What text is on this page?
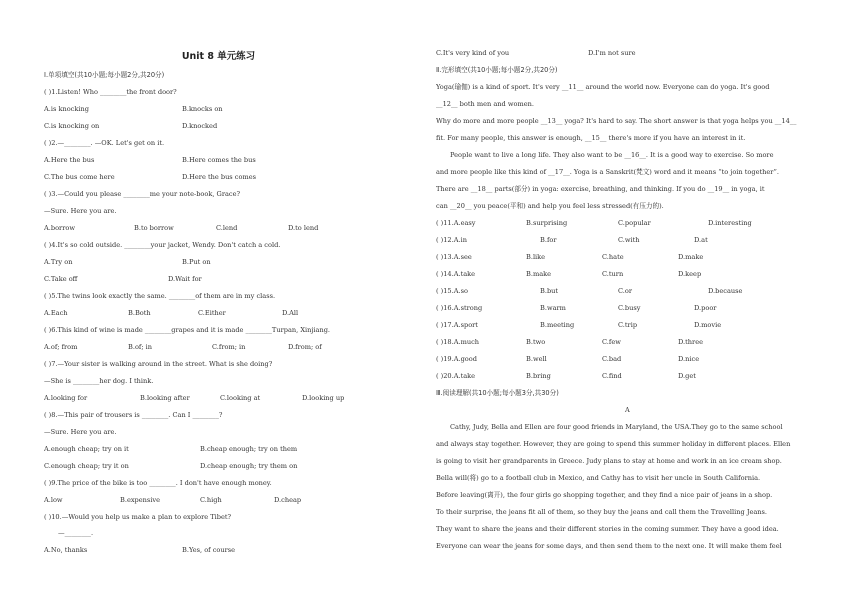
Unit 8 单元练习
Ⅰ.单项填空(共10小题;每小题2分,共20分)
( )1.Listen! Who ________the front door?
A.is knocking	B.knocks on
C.is knocking on	D.knocked
( )2.—________. —OK. Let's get on it.
A.Here the bus	B.Here comes the bus
C.The bus come here	D.Here the bus comes
( )3.—Could you please ________me your note-book, Grace?
—Sure. Here you are.
A.borrow	B.to borrow	C.lend	D.to lend
( )4.It's so cold outside. ________your jacket, Wendy. Don't catch a cold.
A.Try on	B.Put on
C.Take off	D.Wait for
( )5.The twins look exactly the same. ________of them are in my class.
A.Each	B.Both	C.Either	D.All
( )6.This kind of wine is made ________grapes and it is made ________Turpan, Xinjiang.
A.of; from	B.of; in	C.from; in	D.from; of
( )7.—Your sister is walking around in the street. What is she doing?
—She is ________her dog. I think.
A.looking for	B.looking after	C.looking at	D.looking up
( )8.—This pair of trousers is ________. Can I ________?
—Sure. Here you are.
A.enough cheap; try on it	B.cheap enough; try on them
C.enough cheap; try it on	D.cheap enough; try them on
( )9.The price of the bike is too ________. I don't have enough money.
A.low	B.expensive	C.high	D.cheap
( )10.—Would you help us make a plan to explore Tibet?
—________.
A.No, thanks	B.Yes, of course
C.It's very kind of you	D.I'm not sure
Ⅱ.完形填空(共10小题;每小题2分,共20分)
Yoga(瑜伽) is a kind of sport. It's very __11__ around the world now. Everyone can do yoga. It's good
__12__ both men and women.
Why do more and more people __13__ yoga? It's hard to say. The short answer is that yoga helps you __14__
fit. For many people, this answer is enough, __15__ there's more if you have an interest in it.
People want to live a long life. They also want to be __16__. It is a good way to exercise. So more
and more people like this kind of __17__. Yoga is a Sanskrit(梵文) word and it means “to join together”.
There are __18__ parts(部分) in yoga: exercise, breathing, and thinking. If you do __19__ in yoga, it
can __20__ you peace(平和) and help you feel less stressed(有压力的).
( )11.A.easy	B.surprising	C.popular	D.interesting
( )12.A.in	B.for	C.with	D.at
( )13.A.see	B.like	C.hate	D.make
( )14.A.take	B.make	C.turn	D.keep
( )15.A.so	B.but	C.or	D.because
( )16.A.strong	B.warm	C.busy	D.poor
( )17.A.sport	B.meeting	C.trip	D.movie
( )18.A.much	B.two	C.few	D.three
( )19.A.good	B.well	C.bad	D.nice
( )20.A.take	B.bring	C.find	D.get
Ⅲ.阅读理解(共10小题;每小题3分,共30分)
A
Cathy, Judy, Bella and Ellen are four good friends in Maryland, the USA.They go to the same school
and always stay together. However, they are going to spend this summer holiday in different places. Ellen
is going to visit her grandparents in Greece. Judy plans to stay at home and work in an ice cream shop.
Bella will(将) go to a football club in Mexico, and Cathy has to visit her uncle in South California.
Before leaving(离开), the four girls go shopping together, and they find a nice pair of jeans in a shop.
To their surprise, the jeans fit all of them, so they buy the jeans and call them the Travelling Jeans.
They want to share the jeans and their different stories in the coming summer. They have a good idea.
Everyone can wear the jeans for some days, and then send them to the next one. It will make them feel
